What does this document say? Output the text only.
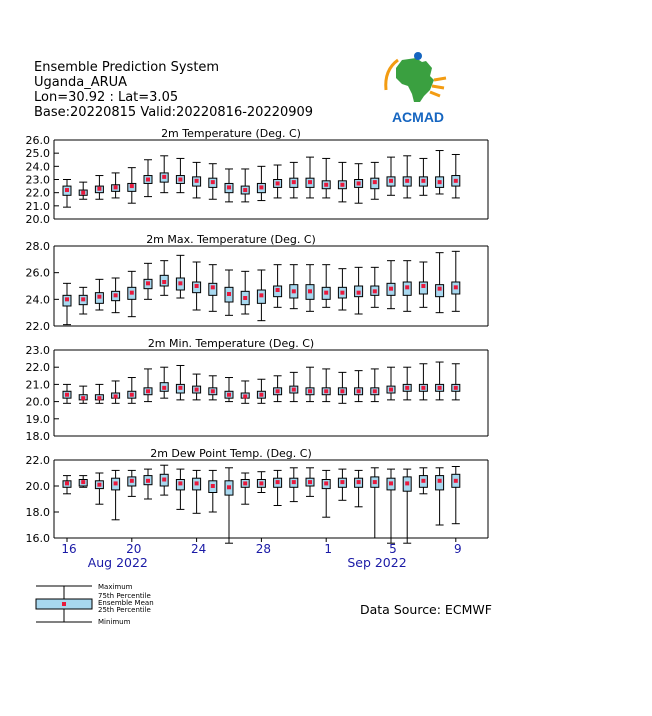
Ensemble Prediction System
Uganda_ARUA
Lon=30.92 : Lat=3.05
Base:20220815 Valid:20220816-20220909	ACMAD
2m Temperature (Deg. C)
26.0
25.0
24.0
23.0
22.0
21.0
20.0
2m Max. Temperature (Deg. C)
28.0
26.0
24.0
22.0
2m Min. Temperature (Deg. C)
23.0
22.0
21.0
20.0
19.0
18.0
2m Dew Point Temp. (Deg. C)
22.0
20.0
18.0
16.0
16	20	24	28	1	5	9
Aug 2022	Sep 2022
Maximum
75th Percentile
Ensemble Mean
25th Percentile
Minimum
Data Source: ECMWF
